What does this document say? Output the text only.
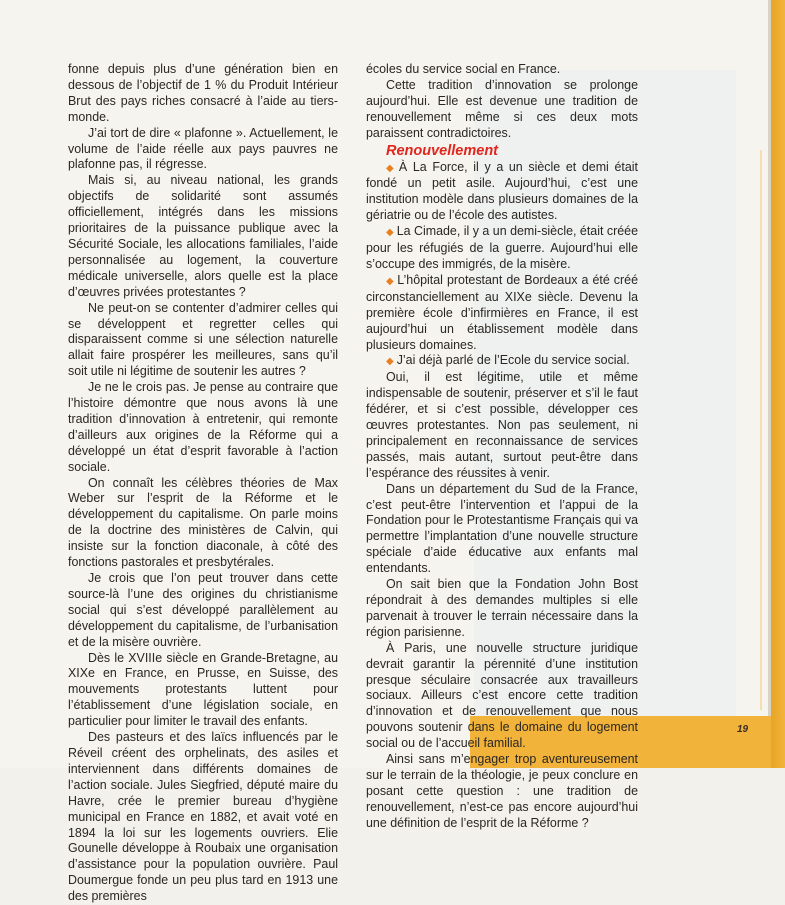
fonne depuis plus d’une génération bien en dessous de l’objectif de 1 % du Produit Intérieur Brut des pays riches consacré à l’aide au tiers-monde.

J’ai tort de dire « plafonne ». Actuellement, le volume de l’aide réelle aux pays pauvres ne plafonne pas, il régresse.

Mais si, au niveau national, les grands objectifs de solidarité sont assumés officiellement, intégrés dans les missions prioritaires de la puissance publique avec la Sécurité Sociale, les allocations familiales, l’aide personnalisée au logement, la couverture médicale universelle, alors quelle est la place d’œuvres privées protestantes ?

Ne peut-on se contenter d’admirer celles qui se développent et regretter celles qui disparaissent comme si une sélection naturelle allait faire prospérer les meilleures, sans qu’il soit utile ni légitime de soutenir les autres ?

Je ne le crois pas. Je pense au contraire que l’histoire démontre que nous avons là une tradition d’innovation à entretenir, qui remonte d’ailleurs aux origines de la Réforme qui a développé un état d’esprit favorable à l’action sociale.

On connaît les célèbres théories de Max Weber sur l’esprit de la Réforme et le développement du capitalisme. On parle moins de la doctrine des ministères de Calvin, qui insiste sur la fonction diaconale, à côté des fonctions pastorales et presbytérales.

Je crois que l’on peut trouver dans cette source-là l’une des origines du christianisme social qui s’est développé parallèlement au développement du capitalisme, de l’urbanisation et de la misère ouvrière.

Dès le XVIIIe siècle en Grande-Bretagne, au XIXe en France, en Prusse, en Suisse, des mouvements protestants luttent pour l’établissement d’une législation sociale, en particulier pour limiter le travail des enfants.

Des pasteurs et des laïcs influencés par le Réveil créent des orphelinats, des asiles et interviennent dans différents domaines de l’action sociale. Jules Siegfried, député maire du Havre, crée le premier bureau d’hygiène municipal en France en 1882, et avait voté en 1894 la loi sur les logements ouvriers. Elie Gounelle développe à Roubaix une organisation d’assistance pour la population ouvrière. Paul Doumergue fonde un peu plus tard en 1913 une des premières

écoles du service social en France.

Cette tradition d’innovation se prolonge aujourd’hui. Elle est devenue une tradition de renouvellement même si ces deux mots paraissent contradictoires.

Renouvellement

◆ À La Force, il y a un siècle et demi était fondé un petit asile. Aujourd’hui, c’est une institution modèle dans plusieurs domaines de la gériatrie ou de l’école des autistes.

◆ La Cimade, il y a un demi-siècle, était créée pour les réfugiés de la guerre. Aujourd’hui elle s’occupe des immigrés, de la misère.

◆ L’hôpital protestant de Bordeaux a été créé circonstanciellement au XIXe siècle. Devenu la première école d’infirmières en France, il est aujourd’hui un établissement modèle dans plusieurs domaines.

◆ J’ai déjà parlé de l’Ecole du service social.

Oui, il est légitime, utile et même indispensable de soutenir, préserver et s’il le faut fédérer, et si c’est possible, développer ces œuvres protestantes. Non pas seulement, ni principalement en reconnaissance de services passés, mais autant, surtout peut-être dans l’espérance des réussites à venir.

Dans un département du Sud de la France, c’est peut-être l’intervention et l’appui de la Fondation pour le Protestantisme Français qui va permettre l’implantation d’une nouvelle structure spéciale d’aide éducative aux enfants mal entendants.

On sait bien que la Fondation John Bost répondrait à des demandes multiples si elle parvenait à trouver le terrain nécessaire dans la région parisienne.

À Paris, une nouvelle structure juridique devrait garantir la pérennité d’une institution presque séculaire consacrée aux travailleurs sociaux. Ailleurs c’est encore cette tradition d’innovation et de renouvellement que nous pouvons soutenir dans le domaine du logement social ou de l’accueil familial.

Ainsi sans m’engager trop aventureusement sur le terrain de la théologie, je peux conclure en posant cette question : une tradition de renouvellement, n’est-ce pas encore aujourd’hui une définition de l’esprit de la Réforme ?

19
